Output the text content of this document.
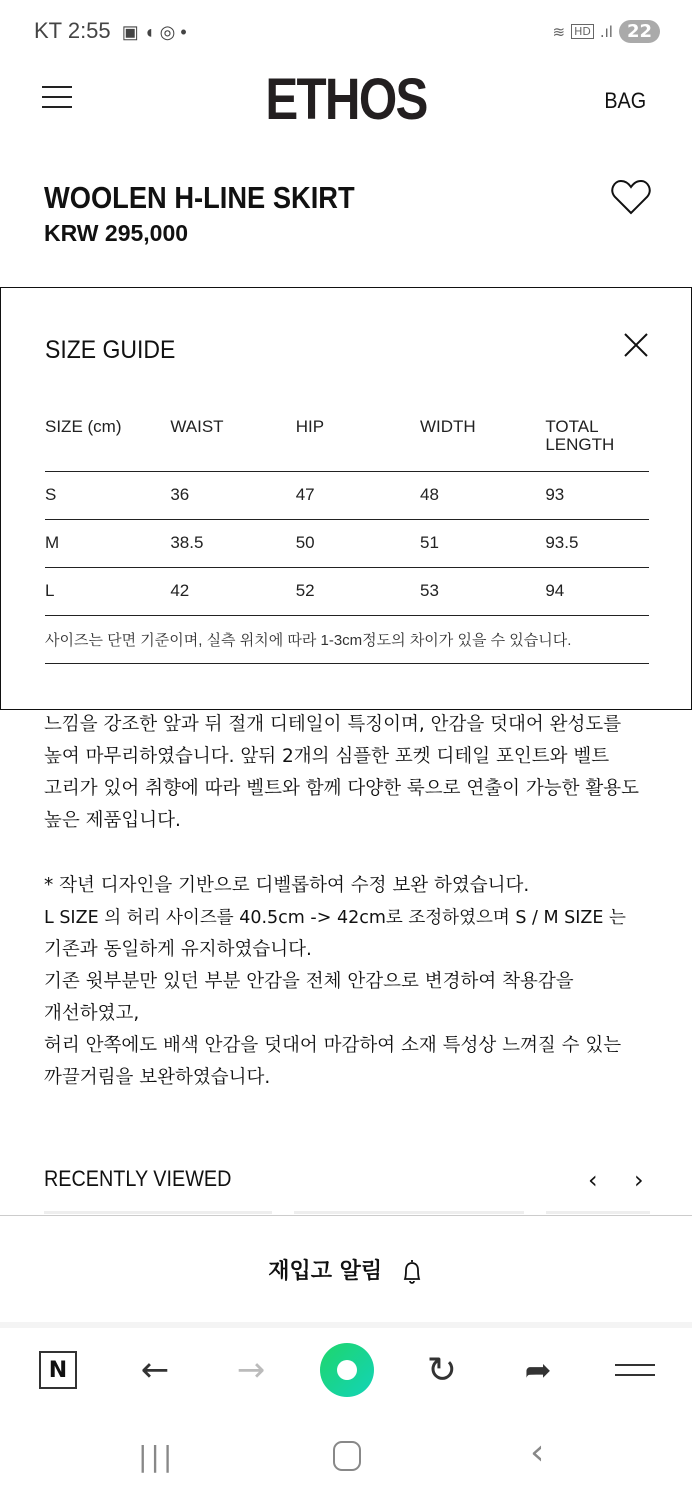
KT 2:55  ▣ ◖ ◎ •	≋ HD .ıl 22
ETHOS	BAG
WOOLEN H-LINE SKIRT
KRW 295,000
느낌을 강조한 앞과 뒤 절개 디테일이 특징이며, 안감을 덧대어 완성도를
높여 마무리하였습니다. 앞뒤 2개의 심플한 포켓 디테일 포인트와 벨트
고리가 있어 취향에 따라 벨트와 함께 다양한 룩으로 연출이 가능한 활용도
높은 제품입니다.
* 작년 디자인을 기반으로 디벨롭하여 수정 보완 하였습니다.
L SIZE 의 허리 사이즈를 40.5cm -> 42cm로 조정하였으며 S / M SIZE 는
기존과 동일하게 유지하였습니다.
기존 윗부분만 있던 부분 안감을 전체 안감으로 변경하여 착용감을
개선하였고,
허리 안쪽에도 배색 안감을 덧대어 마감하여 소재 특성상 느껴질 수 있는
까끌거림을 보완하였습니다.
SIZE GUIDE
SIZE (cm)	WAIST	HIP	WIDTH	TOTAL LENGTH
S	36	47	48	93
M	38.5	50	51	93.5
L	42	52	53	94
사이즈는 단면 기준이며, 실측 위치에 따라 1-3cm정도의 차이가 있을 수 있습니다.				
RECENTLY VIEWED	‹ ›
재입고 알림
N	←	→	↻	➦
|||	‹
